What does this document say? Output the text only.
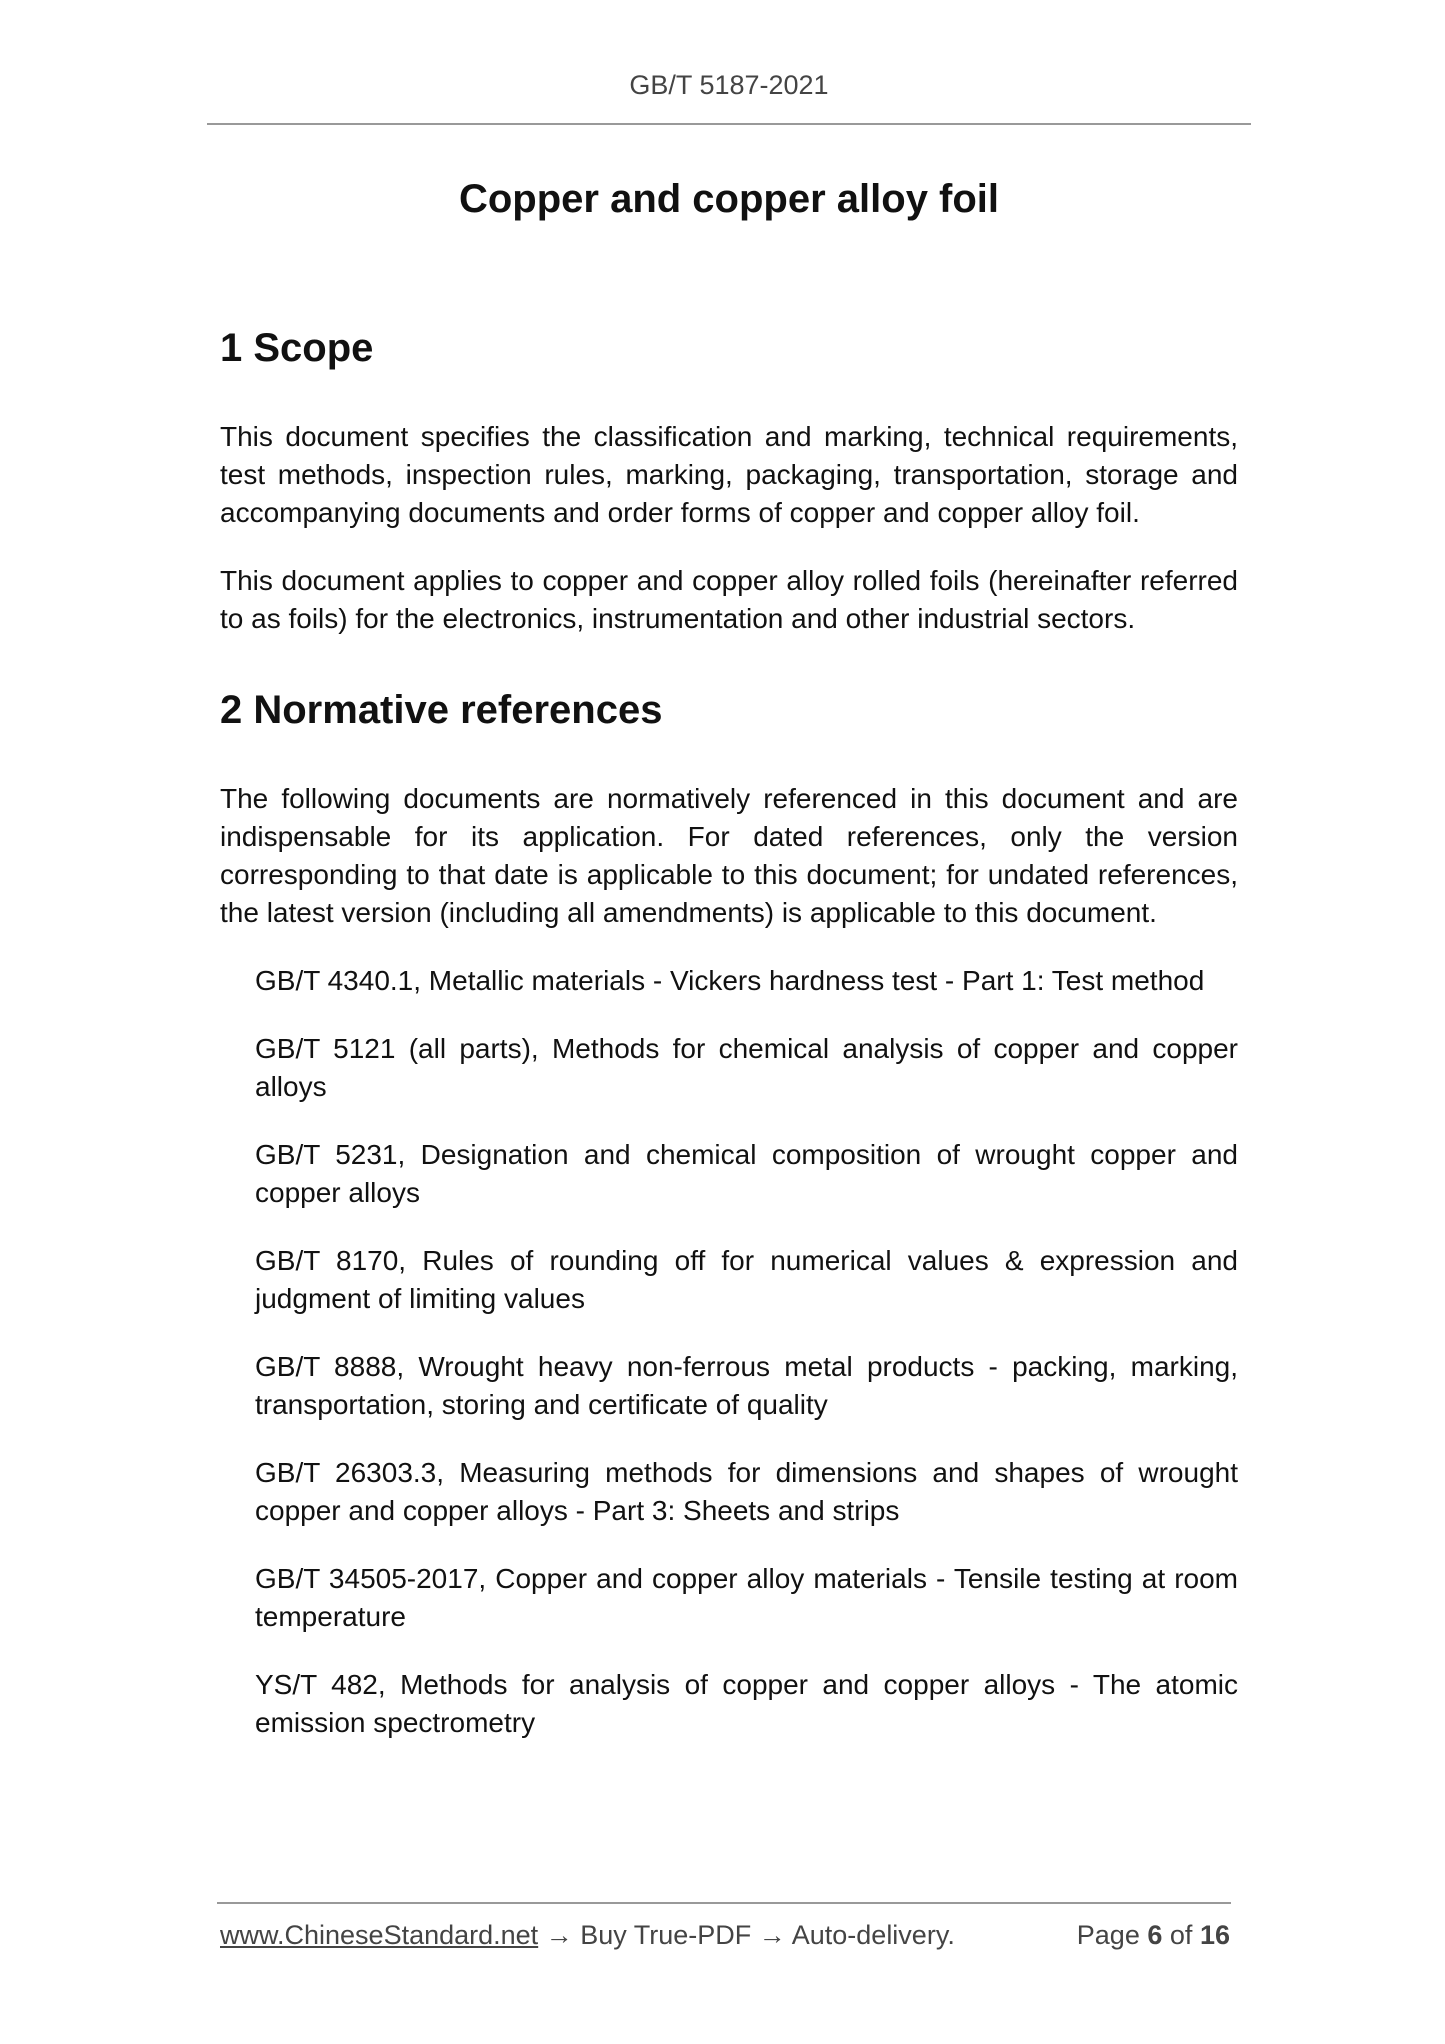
GB/T 5187-2021
Copper and copper alloy foil
1 Scope

This document specifies the classification and marking, technical requirements, test methods, inspection rules, marking, packaging, transportation, storage and accompanying documents and order forms of copper and copper alloy foil.

This document applies to copper and copper alloy rolled foils (hereinafter referred to as foils) for the electronics, instrumentation and other industrial sectors.

2 Normative references

The following documents are normatively referenced in this document and are indispensable for its application. For dated references, only the version corresponding to that date is applicable to this document; for undated references, the latest version (including all amendments) is applicable to this document.

GB/T 4340.1, Metallic materials - Vickers hardness test - Part 1: Test method
GB/T 5121 (all parts), Methods for chemical analysis of copper and copper alloys
GB/T 5231, Designation and chemical composition of wrought copper and copper alloys
GB/T 8170, Rules of rounding off for numerical values & expression and judgment of limiting values
GB/T 8888, Wrought heavy non-ferrous metal products - packing, marking, transportation, storing and certificate of quality
GB/T 26303.3, Measuring methods for dimensions and shapes of wrought copper and copper alloys - Part 3: Sheets and strips
GB/T 34505-2017, Copper and copper alloy materials - Tensile testing at room temperature
YS/T 482, Methods for analysis of copper and copper alloys - The atomic emission spectrometry
www.ChineseStandard.net → Buy True-PDF → Auto-delivery.	Page 6 of 16
